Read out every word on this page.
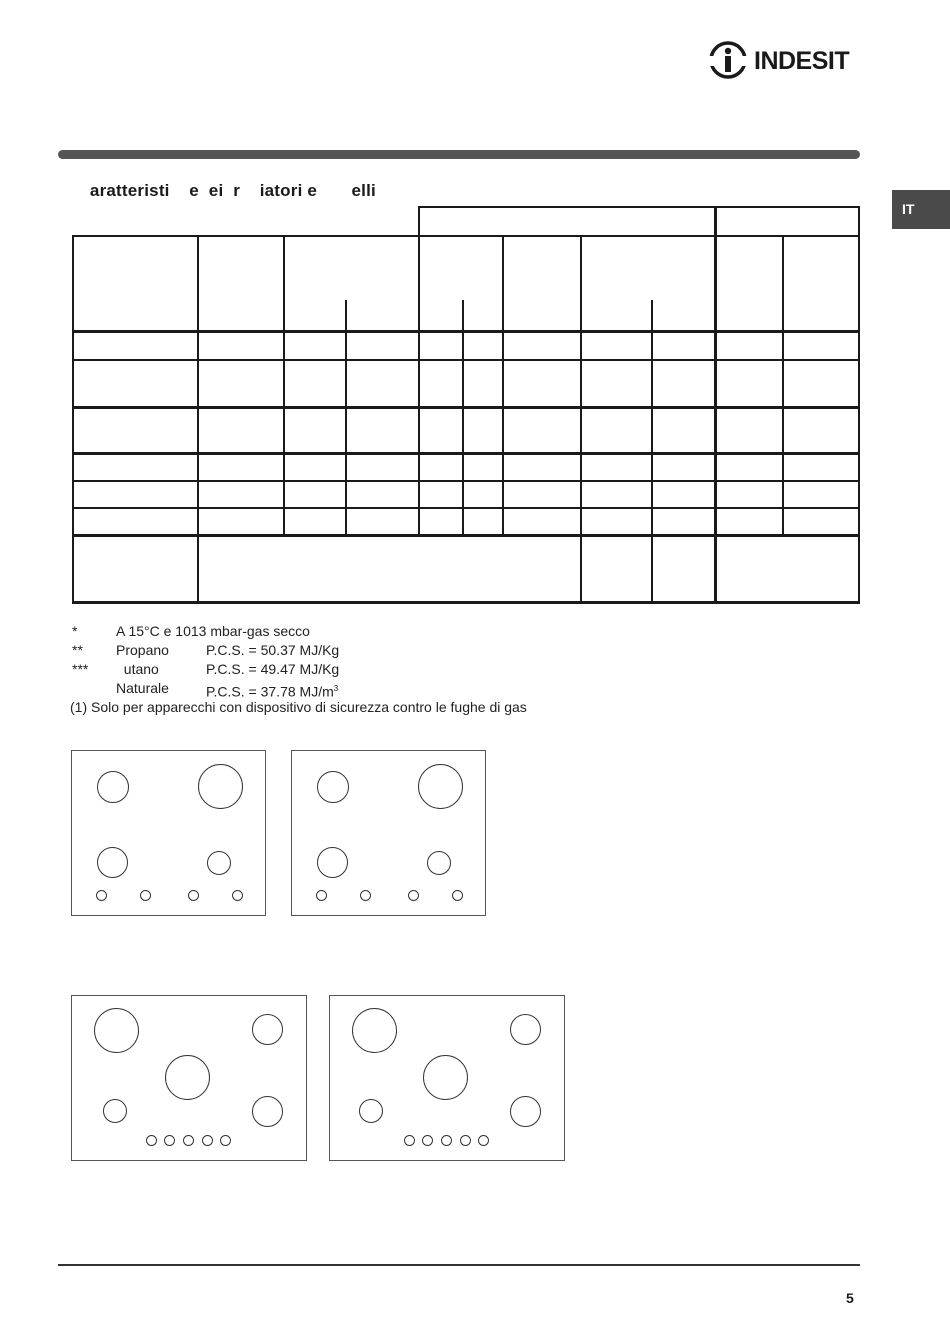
INDESIT
IT
aratteristi    e  ei  r    iatori e       elli
*	A 15°C e 1013 mbar-gas secco
** Propano	P.C.S. = 50.37 MJ/Kg
*** utano	P.C.S. = 49.47 MJ/Kg
Naturale	P.C.S. = 37.78 $MJ/m^3$
(1) Solo per apparecchi con dispositivo di sicurezza contro le fughe di gas
5
